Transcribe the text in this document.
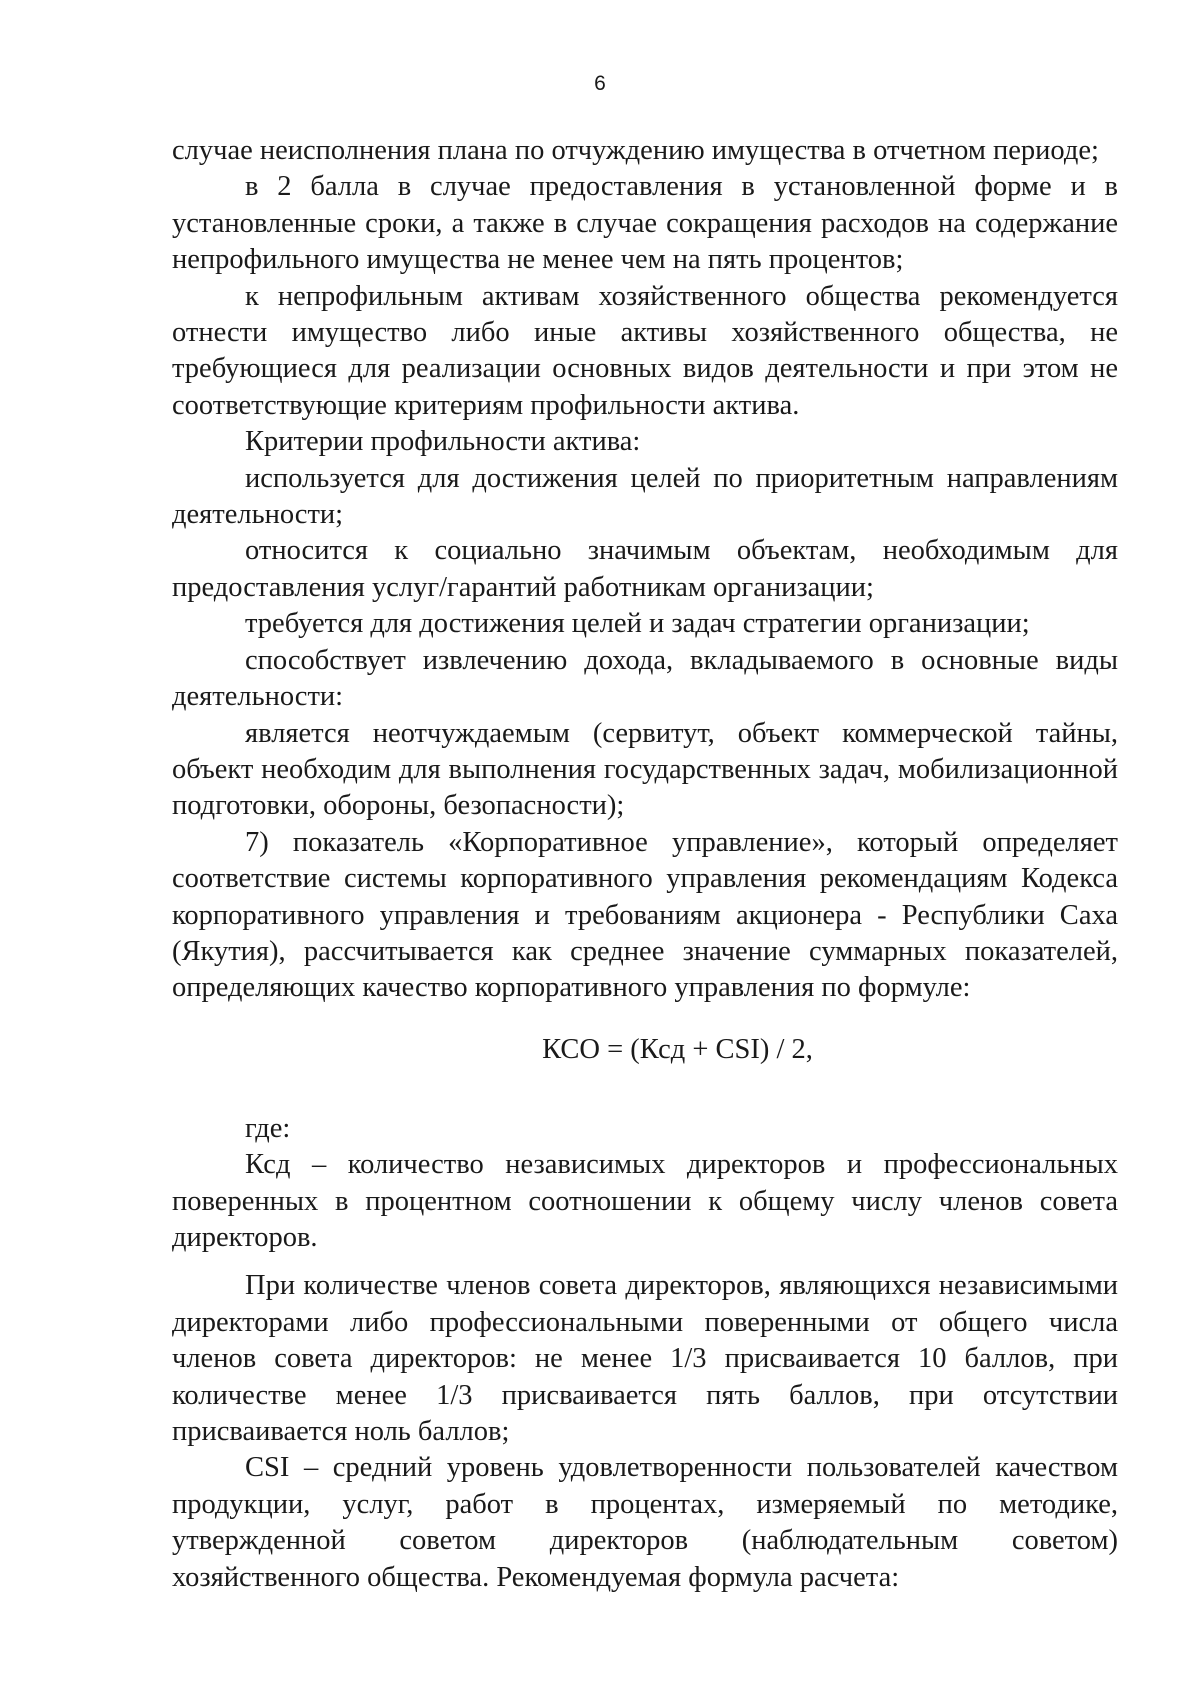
6

случае неисполнения плана по отчуждению имущества в отчетном периоде;

в 2 балла в случае предоставления в установленной форме и в установленные сроки, а также в случае сокращения расходов на содержание непрофильного имущества не менее чем на пять процентов;

к непрофильным активам хозяйственного общества рекомендуется отнести имущество либо иные активы хозяйственного общества, не требующиеся для реализации основных видов деятельности и при этом не соответствующие критериям профильности актива.

Критерии профильности актива:

используется для достижения целей по приоритетным направлениям деятельности;

относится к социально значимым объектам, необходимым для предоставления услуг/гарантий работникам организации;

требуется для достижения целей и задач стратегии организации;

способствует извлечению дохода, вкладываемого в основные виды деятельности:

является неотчуждаемым (сервитут, объект коммерческой тайны, объект необходим для выполнения государственных задач, мобилизационной подготовки, обороны, безопасности);

7) показатель «Корпоративное управление», который определяет соответствие системы корпоративного управления рекомендациям Кодекса корпоративного управления и требованиям акционера - Республики Саха (Якутия), рассчитывается как среднее значение суммарных показателей, определяющих качество корпоративного управления по формуле:

КСО = (Ксд + CSI) / 2,

где:

Ксд – количество независимых директоров и профессиональных поверенных в процентном соотношении к общему числу членов совета директоров.

При количестве членов совета директоров, являющихся независимыми директорами либо профессиональными поверенными от общего числа членов совета директоров: не менее 1/3 присваивается 10 баллов, при количестве менее 1/3 присваивается пять баллов, при отсутствии присваивается ноль баллов;

CSI – средний уровень удовлетворенности пользователей качеством продукции, услуг, работ в процентах, измеряемый по методике, утвержденной советом директоров (наблюдательным советом) хозяйственного общества. Рекомендуемая формула расчета:
